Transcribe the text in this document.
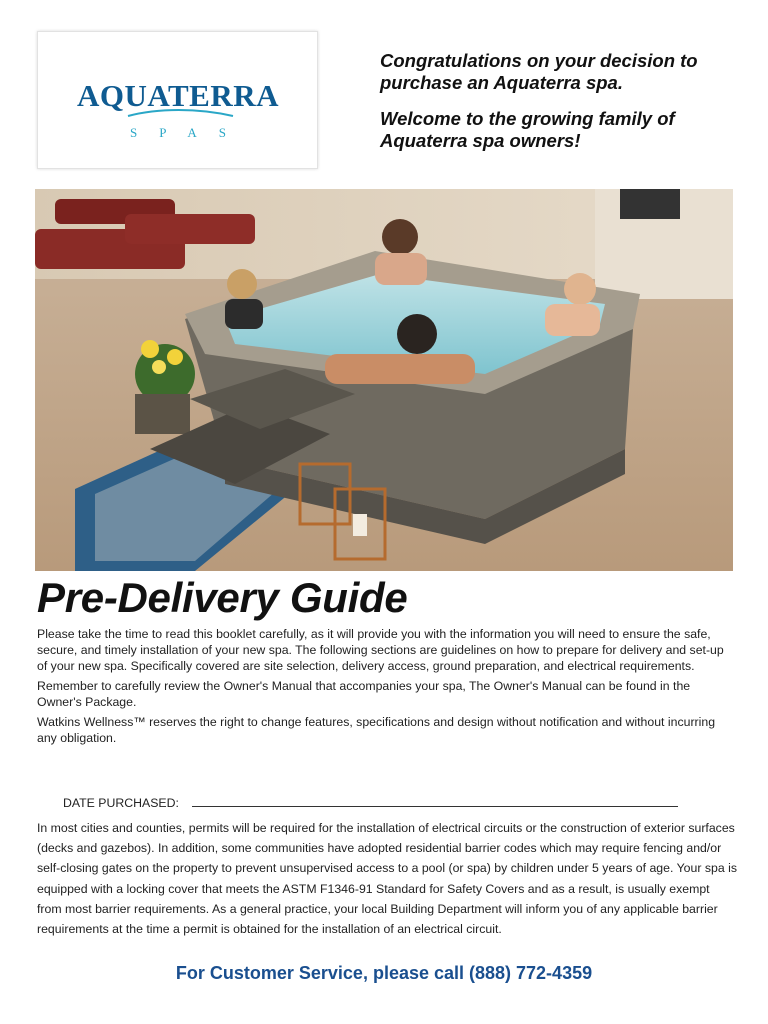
AQUATERRA
SPAS

Congratulations on your decision to purchase an Aquaterra spa.

Welcome to the growing family of Aquaterra spa owners!

Pre-Delivery Guide

Please take the time to read this booklet carefully, as it will provide you with the information you will need to ensure the safe, secure, and timely installation of your new spa. The following sections are guidelines on how to prepare for delivery and set-up of your new spa. Specifically covered are site selection, delivery access, ground preparation, and electrical requirements.

Remember to carefully review the Owner's Manual that accompanies your spa, The Owner's Manual can be found in the Owner's Package.

Watkins Wellness™ reserves the right to change features, specifications and design without notification and without incurring any obligation.

DATE PURCHASED:
In most cities and counties, permits will be required for the installation of electrical circuits or the construction of exterior surfaces (decks and gazebos). In addition, some communities have adopted residential barrier codes which may require fencing and/or self-closing gates on the property to prevent unsupervised access to a pool (or spa) by children under 5 years of age. Your spa is equipped with a locking cover that meets the ASTM F1346-91 Standard for Safety Covers and as a result, is usually exempt from most barrier requirements. As a general practice, your local Building Department will inform you of any applicable barrier requirements at the time a permit is obtained for the installation of an electrical circuit.
For Customer Service, please call (888) 772-4359
